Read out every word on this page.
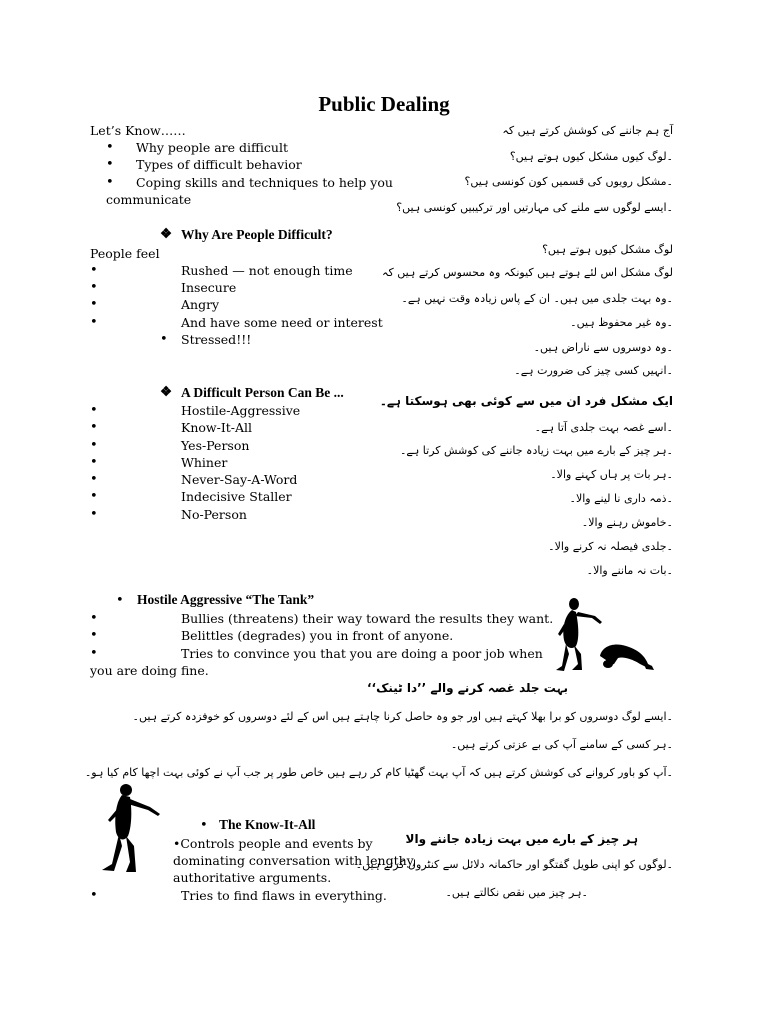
Public Dealing
Let’s Know……
• Why people are difficult
• Types of difficult behavior
• Coping skills and techniques to help you
communicate
آج ہم جاننے کی کوشش کرتے ہیں کہ
۔لوگ کیوں مشکل کیوں ہوتے ہیں؟
۔مشکل رویوں کی قسمیں کون کونسی ہیں؟
۔ایسے لوگوں سے ملنے کی مہارتیں اور ترکیبیں کونسی ہیں؟
❖ Why Are People Difficult?
People feel
•	Rushed — not enough time
•	Insecure
•	Angry
•	And have some need or interest
• Stressed!!!
لوگ مشکل کیوں ہوتے ہیں؟
لوگ مشکل اس لئے ہوتے ہیں کیونکہ وہ محسوس کرتے ہیں کہ
۔وہ بہت جلدی میں ہیں۔ ان کے پاس زیادہ وقت نہیں ہے۔
۔وہ غیر محفوظ ہیں۔
۔وہ دوسروں سے ناراض ہیں۔
۔انہیں کسی چیز کی ضرورت ہے۔
❖ A Difficult Person Can Be ...
•	Hostile-Aggressive
•	Know-It-All
•	Yes-Person
•	Whiner
•	Never-Say-A-Word
•	Indecisive Staller
•	No-Person
ایک مشکل فرد ان میں سے کوئی بھی ہوسکتا ہے۔
۔اسے غصہ بہت جلدی آتا ہے۔
۔ہر چیز کے بارے میں بہت زیادہ جاننے کی کوشش کرتا ہے۔
۔ہر بات پر ہاں کہنے والا۔
۔ذمہ داری نا لینے والا۔
۔خاموش رہنے والا۔
۔جلدی فیصلہ نہ کرنے والا۔
۔بات نہ ماننے والا۔
• Hostile Aggressive “The Tank”
•	Bullies (threatens) their way toward the results they want.
•	Belittles (degrades) you in front of anyone.
•	Tries to convince you that you are doing a poor job when
you are doing fine.
بہت جلد غصہ کرنے والے ’’دا ٹینک‘‘
۔ایسے لوگ دوسروں کو برا بھلا کہتے ہیں اور جو وہ حاصل کرنا چاہتے ہیں اس کے لئے دوسروں کو خوفزدہ کرتے ہیں۔
۔ہر کسی کے سامنے آپ کی بے عزتی کرتے ہیں۔
۔آپ کو باور کروانے کی کوشش کرتے ہیں کہ آپ بہت گھٹیا کام کر رہے ہیں خاص طور پر جب آپ نے کوئی بہت اچھا کام کیا ہو۔
• The Know-It-All
•Controls people and events by
dominating conversation with lengthy,
authoritative arguments.
•	Tries to find flaws in everything.
ہر چیز کے بارے میں بہت زیادہ جاننے والا
۔لوگوں کو اپنی طویل گفتگو اور حاکمانہ دلائل سے کنٹرول کرتے ہیں۔
۔ہر چیز میں نقص نکالتے ہیں۔
